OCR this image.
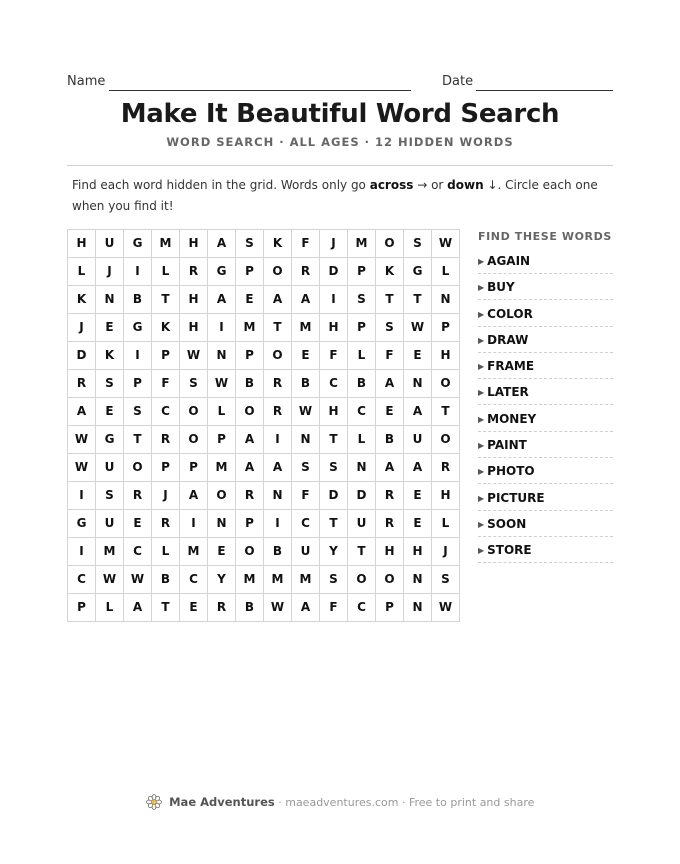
Name	Date
Make It Beautiful Word Search
WORD SEARCH · ALL AGES · 12 HIDDEN WORDS
Find each word hidden in the grid. Words only go across → or down ↓. Circle each one when you find it!
H	U	G	M	H	A	S	K	F	J	M	O	S	W
L	J	I	L	R	G	P	O	R	D	P	K	G	L
K	N	B	T	H	A	E	A	A	I	S	T	T	N
J	E	G	K	H	I	M	T	M	H	P	S	W	P
D	K	I	P	W	N	P	O	E	F	L	F	E	H
R	S	P	F	S	W	B	R	B	C	B	A	N	O
A	E	S	C	O	L	O	R	W	H	C	E	A	T
W	G	T	R	O	P	A	I	N	T	L	B	U	O
W	U	O	P	P	M	A	A	S	S	N	A	A	R
I	S	R	J	A	O	R	N	F	D	D	R	E	H
G	U	E	R	I	N	P	I	C	T	U	R	E	L
I	M	C	L	M	E	O	B	U	Y	T	H	H	J
C	W	W	B	C	Y	M	M	M	S	O	O	N	S
P	L	A	T	E	R	B	W	A	F	C	P	N	W
FIND THESE WORDS
▶ AGAIN
▶ BUY
▶ COLOR
▶ DRAW
▶ FRAME
▶ LATER
▶ MONEY
▶ PAINT
▶ PHOTO
▶ PICTURE
▶ SOON
▶ STORE
Mae Adventures · maeadventures.com · Free to print and share
